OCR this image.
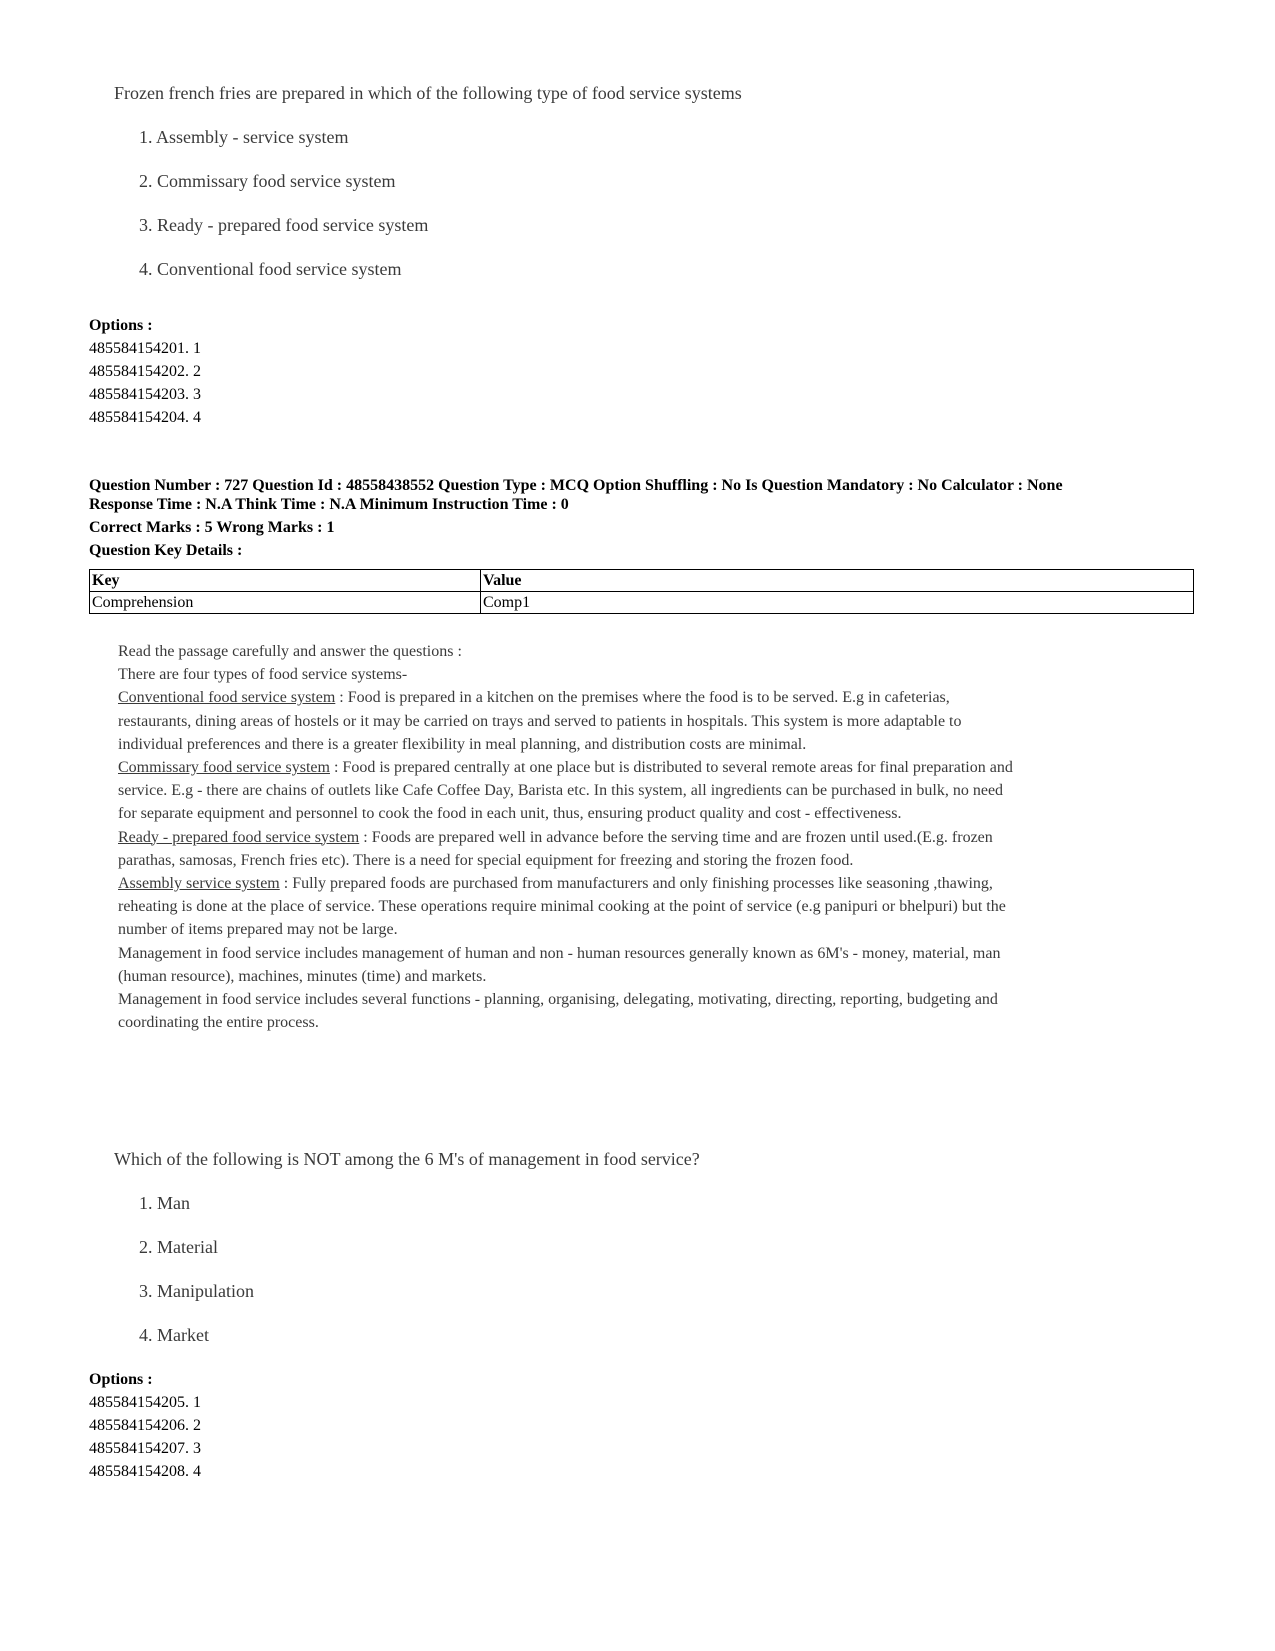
Frozen french fries are prepared in which of the following type of food service systems

1. Assembly - service system

2. Commissary food service system

3. Ready - prepared food service system

4. Conventional food service system

Options :
485584154201. 1
485584154202. 2
485584154203. 3
485584154204. 4
Question Number : 727 Question Id : 48558438552 Question Type : MCQ Option Shuffling : No Is Question Mandatory : No Calculator : None
Response Time : N.A Think Time : N.A Minimum Instruction Time : 0
Correct Marks : 5 Wrong Marks : 1
Question Key Details :
Key	Value
Comprehension	Comp1

Read the passage carefully and answer the questions :

There are four types of food service systems-

Conventional food service system : Food is prepared in a kitchen on the premises where the food is to be served. E.g in cafeterias, restaurants, dining areas of hostels or it may be carried on trays and served to patients in hospitals. This system is more adaptable to individual preferences and there is a greater flexibility in meal planning, and distribution costs are minimal.

Commissary food service system : Food is prepared centrally at one place but is distributed to several remote areas for final preparation and service. E.g - there are chains of outlets like Cafe Coffee Day, Barista etc. In this system, all ingredients can be purchased in bulk, no need for separate equipment and personnel to cook the food in each unit, thus, ensuring product quality and cost - effectiveness.

Ready - prepared food service system : Foods are prepared well in advance before the serving time and are frozen until used.(E.g. frozen parathas, samosas, French fries etc). There is a need for special equipment for freezing and storing the frozen food.

Assembly service system : Fully prepared foods are purchased from manufacturers and only finishing processes like seasoning ,thawing, reheating is done at the place of service. These operations require minimal cooking at the point of service (e.g panipuri or bhelpuri) but the number of items prepared may not be large.

Management in food service includes management of human and non - human resources generally known as 6M's - money, material, man (human resource), machines, minutes (time) and markets.

Management in food service includes several functions - planning, organising, delegating, motivating, directing, reporting, budgeting and coordinating the entire process.

Which of the following is NOT among the 6 M's of management in food service?

1. Man

2. Material

3. Manipulation

4. Market

Options :
485584154205. 1
485584154206. 2
485584154207. 3
485584154208. 4
